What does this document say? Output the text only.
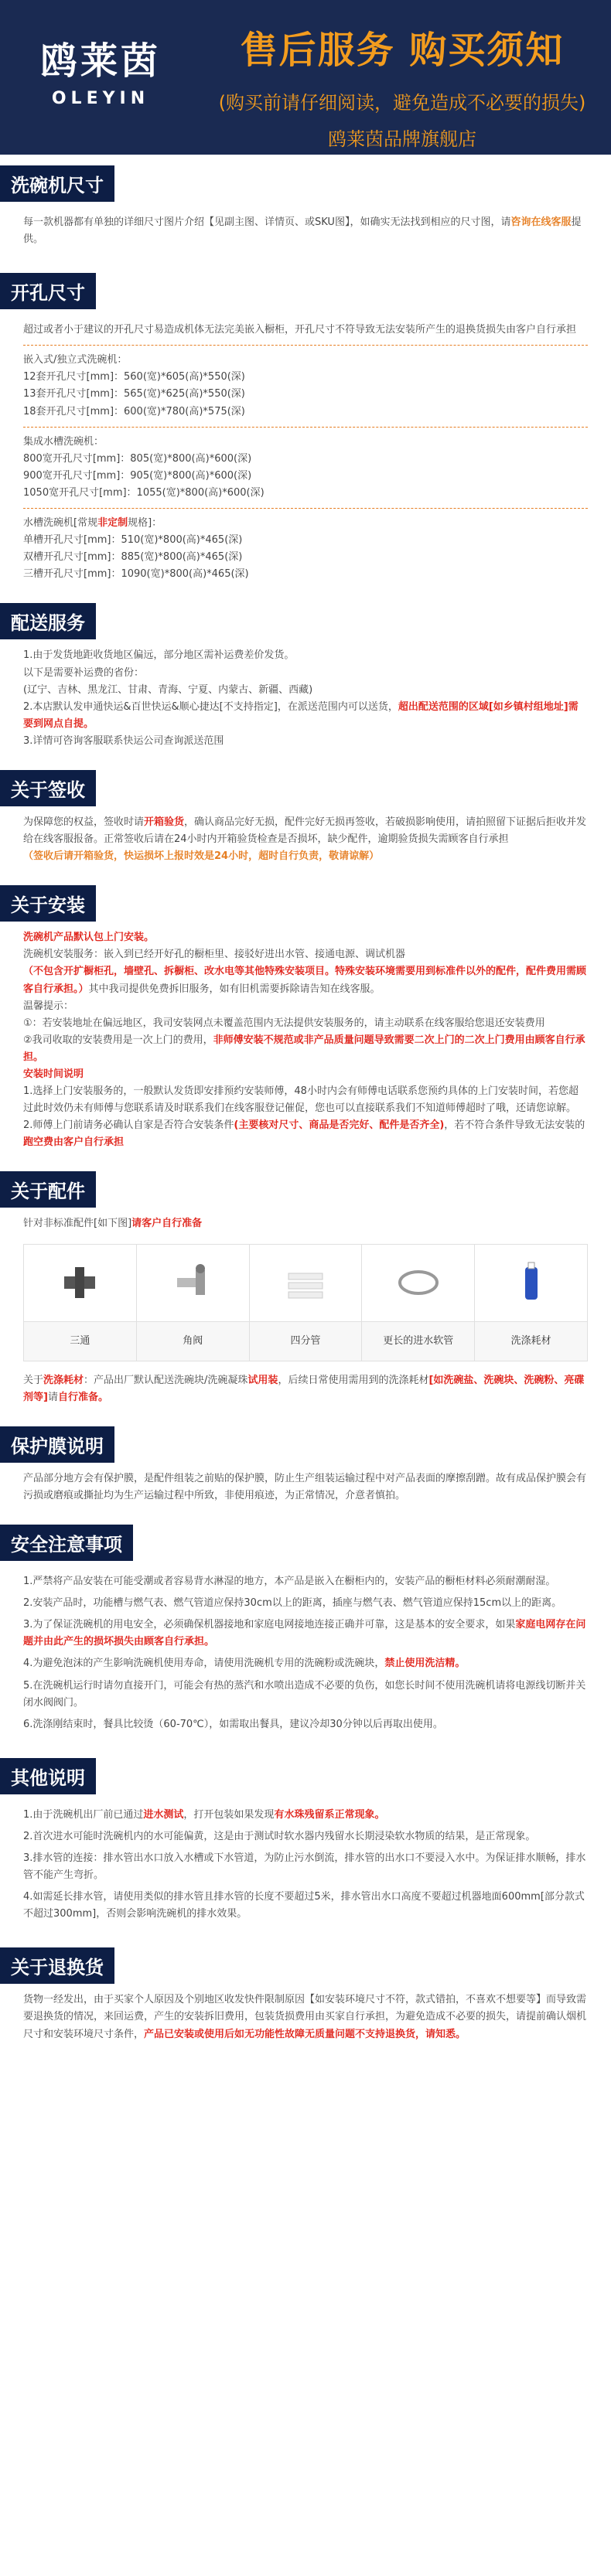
鸥莱茵
OLEYIN
售后服务 购买须知
(购买前请仔细阅读，避免造成不必要的损失)
鸥莱茵品牌旗舰店
洗碗机尺寸

每一款机器都有单独的详细尺寸图片介绍【见副主图、详情页、或SKU图】，如确实无法找到相应的尺寸图，请咨询在线客服提供。

开孔尺寸

超过或者小于建议的开孔尺寸易造成机体无法完美嵌入橱柜，开孔尺寸不符导致无法安装所产生的退换货损失由客户自行承担

嵌入式/独立式洗碗机：

12套开孔尺寸[mm]：560(宽)*605(高)*550(深)

13套开孔尺寸[mm]：565(宽)*625(高)*550(深)

18套开孔尺寸[mm]：600(宽)*780(高)*575(深)

集成水槽洗碗机：

800宽开孔尺寸[mm]：805(宽)*800(高)*600(深)

900宽开孔尺寸[mm]：905(宽)*800(高)*600(深)

1050宽开孔尺寸[mm]：1055(宽)*800(高)*600(深)

水槽洗碗机[常规非定制规格]：

单槽开孔尺寸[mm]：510(宽)*800(高)*465(深)

双槽开孔尺寸[mm]：885(宽)*800(高)*465(深)

三槽开孔尺寸[mm]：1090(宽)*800(高)*465(深)

配送服务

1.由于发货地距收货地区偏远，部分地区需补运费差价发货。

以下是需要补运费的省份：

(辽宁、吉林、黑龙江、甘肃、青海、宁夏、内蒙古、新疆、西藏)

2.本店默认发申通快运&百世快运&顺心捷达[不支持指定]，在派送范围内可以送货，超出配送范围的区域[如乡镇村组地址]需要到网点自提。

3.详情可咨询客服联系快运公司查询派送范围

关于签收

为保障您的权益，签收时请开箱验货，确认商品完好无损，配件完好无损再签收，若破损影响使用，请拍照留下证据后拒收并发给在线客服报备。正常签收后请在24小时内开箱验货检查是否损坏，缺少配件，逾期验货损失需顾客自行承担

（签收后请开箱验货，快运损坏上报时效是24小时，超时自行负责，敬请谅解）

关于安装

洗碗机产品默认包上门安装。

洗碗机安装服务：嵌入到已经开好孔的橱柜里、接驳好进出水管、接通电源、调试机器

（不包含开扩橱柜孔，墙壁孔、拆橱柜、改水电等其他特殊安装项目。特殊安装环境需要用到标准件以外的配件，配件费用需顾客自行承担。）其中我司提供免费拆旧服务，如有旧机需要拆除请告知在线客服。

温馨提示：

①：若安装地址在偏远地区，我司安装网点未覆盖范围内无法提供安装服务的，请主动联系在线客服给您退还安装费用

②我司收取的安装费用是一次上门的费用，非师傅安装不规范或非产品质量问题导致需要二次上门的二次上门费用由顾客自行承担。

安装时间说明

1.选择上门安装服务的，一般默认发货即安排预约安装师傅，48小时内会有师傅电话联系您预约具体的上门安装时间，若您超过此时效仍未有师傅与您联系请及时联系我们在线客服登记催促，您也可以直接联系我们不知道师傅超时了哦，还请您谅解。

2.师傅上门前请务必确认自家是否符合安装条件(主要核对尺寸、商品是否完好、配件是否齐全)，若不符合条件导致无法安装的跑空费由客户自行承担

关于配件

针对非标准配件[如下图]请客户自行准备

三通	角阀	四分管	更长的进水软管	洗涤耗材

关于洗涤耗材：产品出厂默认配送洗碗块/洗碗凝珠试用装，后续日常使用需用到的洗涤耗材[如洗碗盐、洗碗块、洗碗粉、亮碟剂等]请自行准备。

保护膜说明

产品部分地方会有保护膜，是配件组装之前贴的保护膜，防止生产组装运输过程中对产品表面的摩擦刮蹭。故有成品保护膜会有污损或磨痕或撕扯均为生产运输过程中所致，非使用痕迹，为正常情况，介意者慎拍。

安全注意事项

1.严禁将产品安装在可能受潮或者容易背水淋湿的地方，本产品是嵌入在橱柜内的，安装产品的橱柜材料必须耐潮耐湿。

2.安装产品时，功能槽与燃气表、燃气管道应保持30cm以上的距离，插座与燃气表、燃气管道应保持15cm以上的距离。

3.为了保证洗碗机的用电安全，必须确保机器接地和家庭电网接地连接正确并可靠，这是基本的安全要求，如果家庭电网存在问题并由此产生的损坏损失由顾客自行承担。

4.为避免泡沫的产生影响洗碗机使用寿命，请使用洗碗机专用的洗碗粉或洗碗块，禁止使用洗洁精。

5.在洗碗机运行时请勿直接开门，可能会有热的蒸汽和水喷出造成不必要的负伤，如您长时间不使用洗碗机请将电源线切断并关闭水阀阀门。

6.洗涤刚结束时，餐具比较烫（60-70℃），如需取出餐具，建议冷却30分钟以后再取出使用。

其他说明

1.由于洗碗机出厂前已通过进水测试，打开包装如果发现有水珠残留系正常现象。

2.首次进水可能时洗碗机内的水可能偏黄，这是由于测试时软水器内残留水长期浸染软水物质的结果，是正常现象。

3.排水管的连接：排水管出水口放入水槽或下水管道，为防止污水倒流，排水管的出水口不要浸入水中。为保证排水顺畅，排水管不能产生弯折。

4.如需延长排水管，请使用类似的排水管且排水管的长度不要超过5米，排水管出水口高度不要超过机器地面600mm[部分款式不超过300mm]，否则会影响洗碗机的排水效果。

关于退换货

货物一经发出，由于买家个人原因及个别地区收发快件限制原因【如安装环境尺寸不符，款式错拍，不喜欢不想要等】而导致需要退换货的情况，来回运费，产生的安装拆旧费用，包装货损费用由买家自行承担，为避免造成不必要的损失，请提前确认烟机尺寸和安装环境尺寸条件，产品已安装或使用后如无功能性故障无质量问题不支持退换货，请知悉。
